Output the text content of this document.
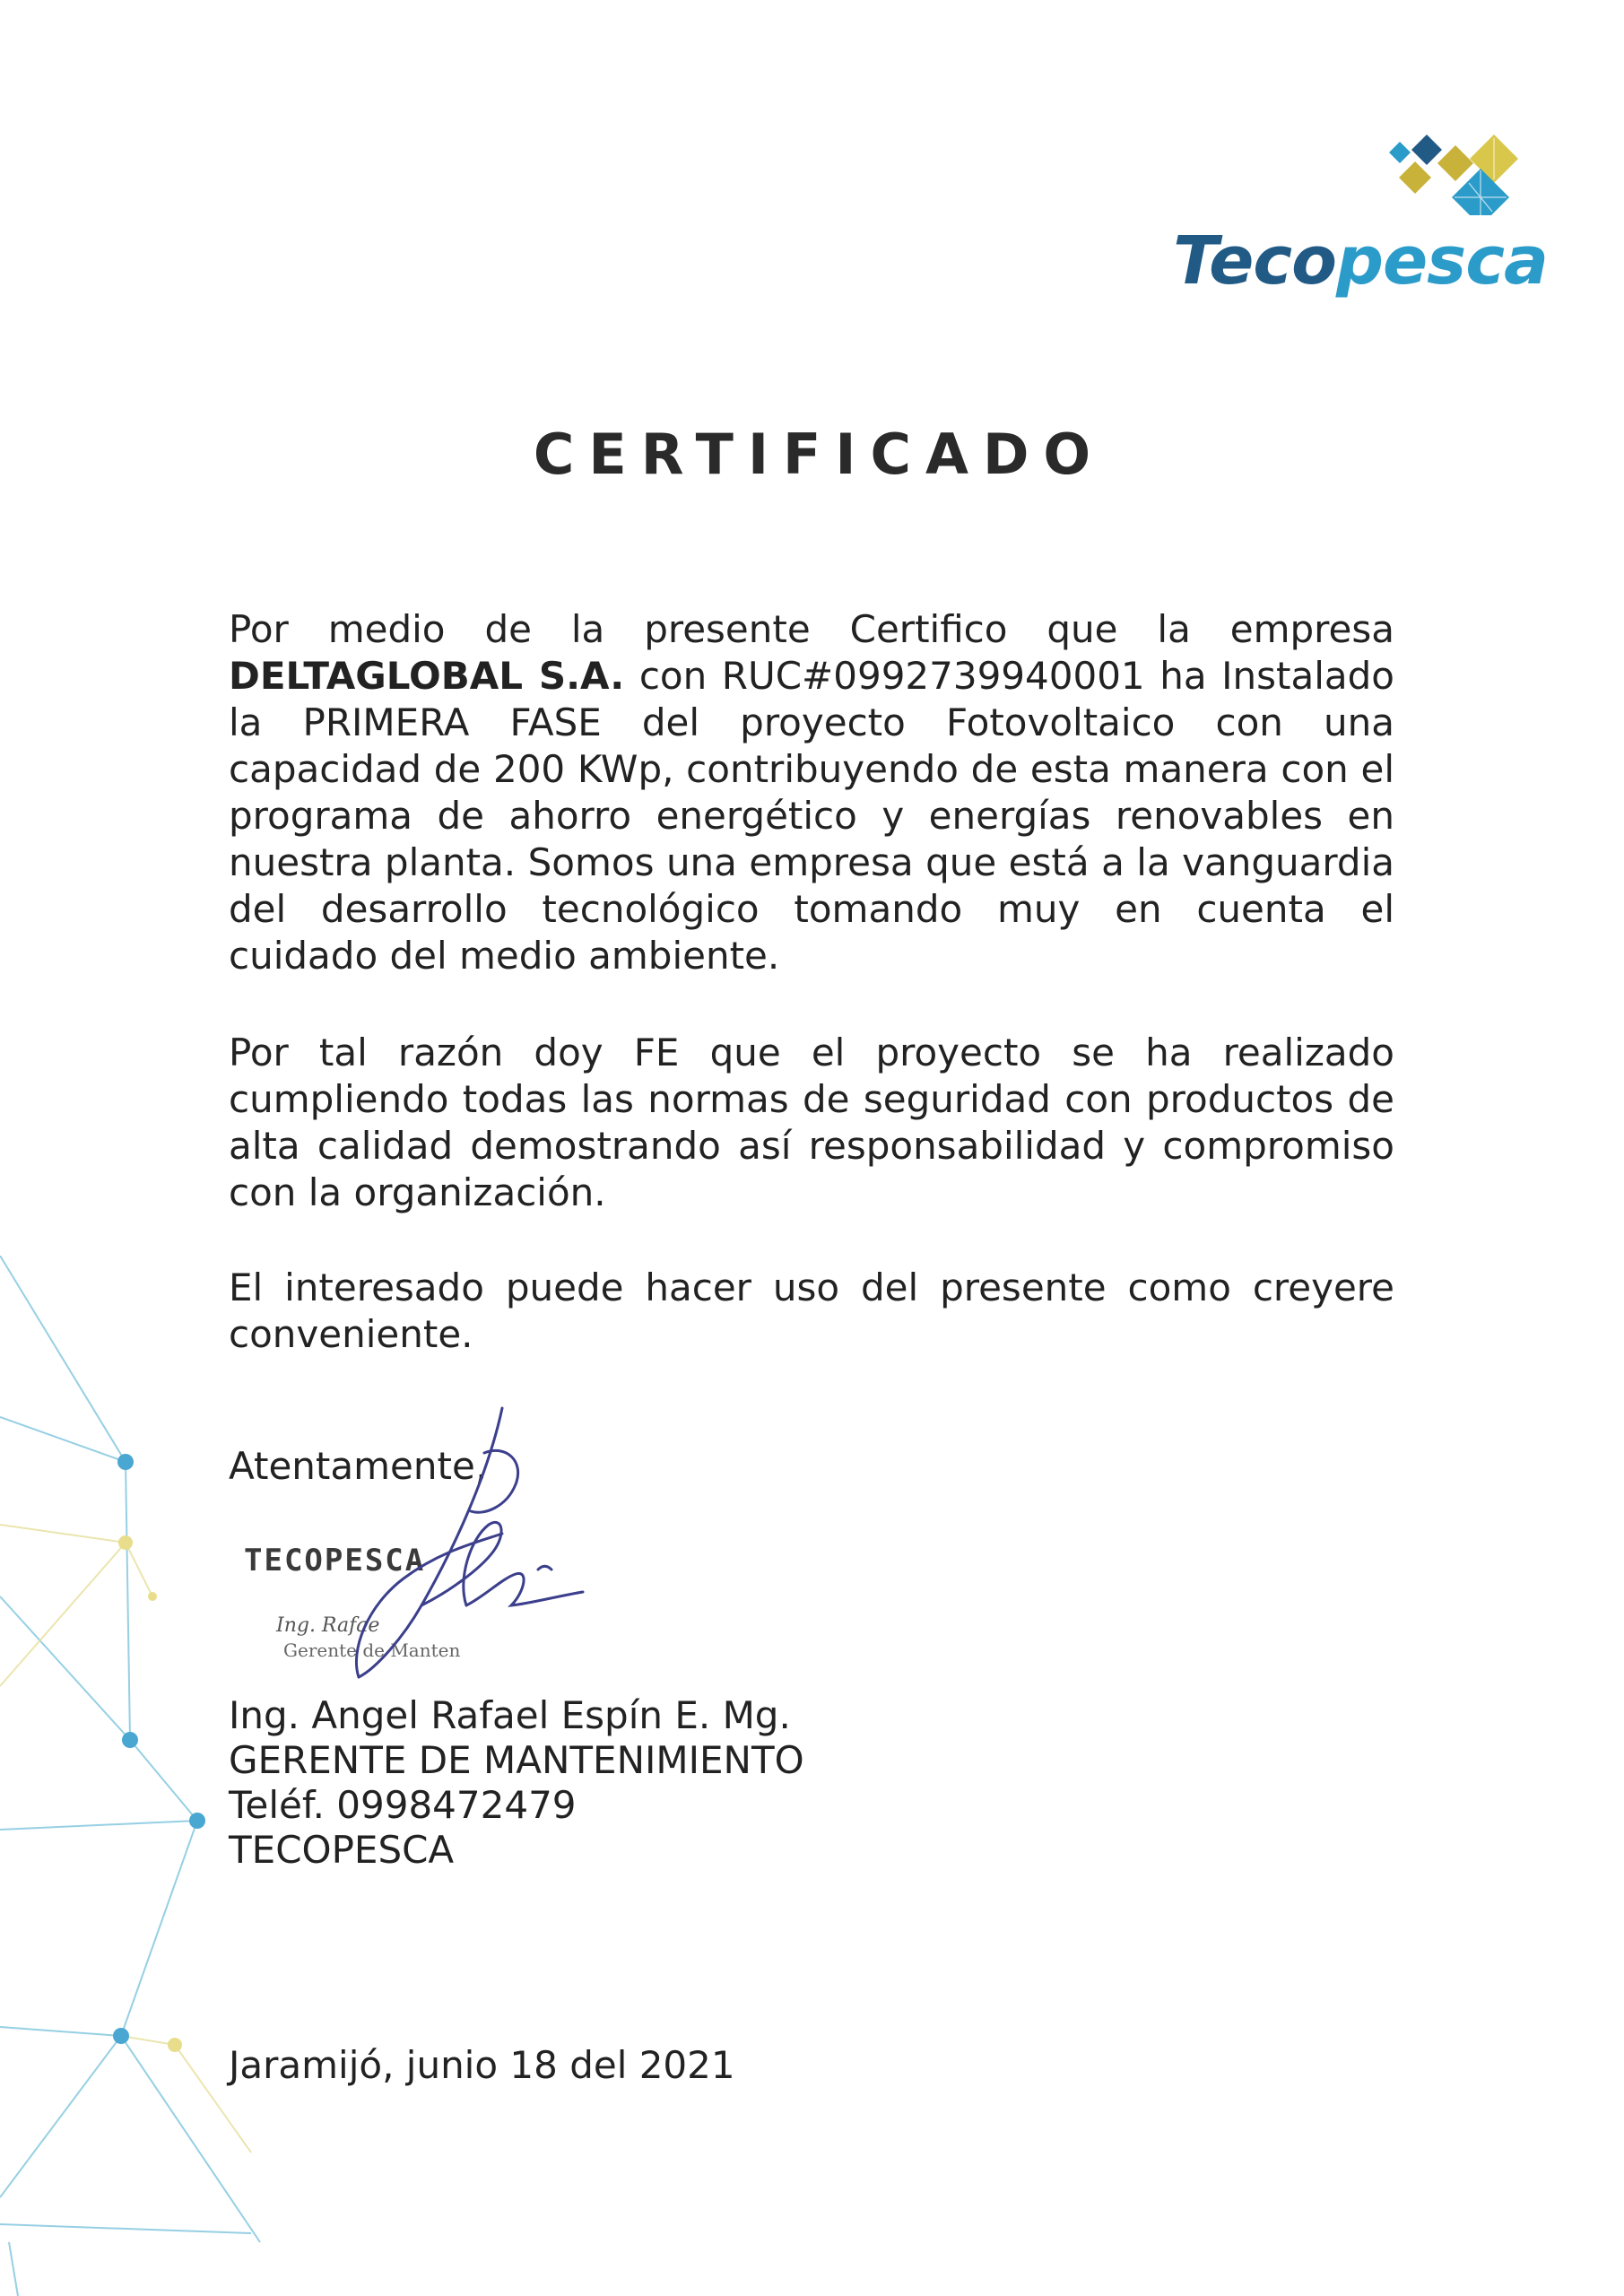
Tecopesca
CERTIFICADO
Por medio de la presente Certifico que la empresa DELTAGLOBAL S.A. con RUC#0992739940001 ha Instalado la PRIMERA FASE del proyecto Fotovoltaico con una capacidad de 200 KWp, contribuyendo de esta manera con el programa de ahorro energético y energías renovables en nuestra planta. Somos una empresa que está a la vanguardia del desarrollo tecnológico tomando muy en cuenta el cuidado del medio ambiente.
Por tal razón doy FE que el proyecto se ha realizado cumpliendo todas las normas de seguridad con productos de alta calidad demostrando así responsabilidad y compromiso con la organización.
El interesado puede hacer uso del presente como creyere conveniente.
Atentamente,
TECOPESCA
Ing. Rafae
Gerente de Manten
Ing. Angel Rafael Espín E. Mg.
GERENTE DE MANTENIMIENTO
Teléf. 0998472479
TECOPESCA
Jaramijó, junio 18 del 2021
